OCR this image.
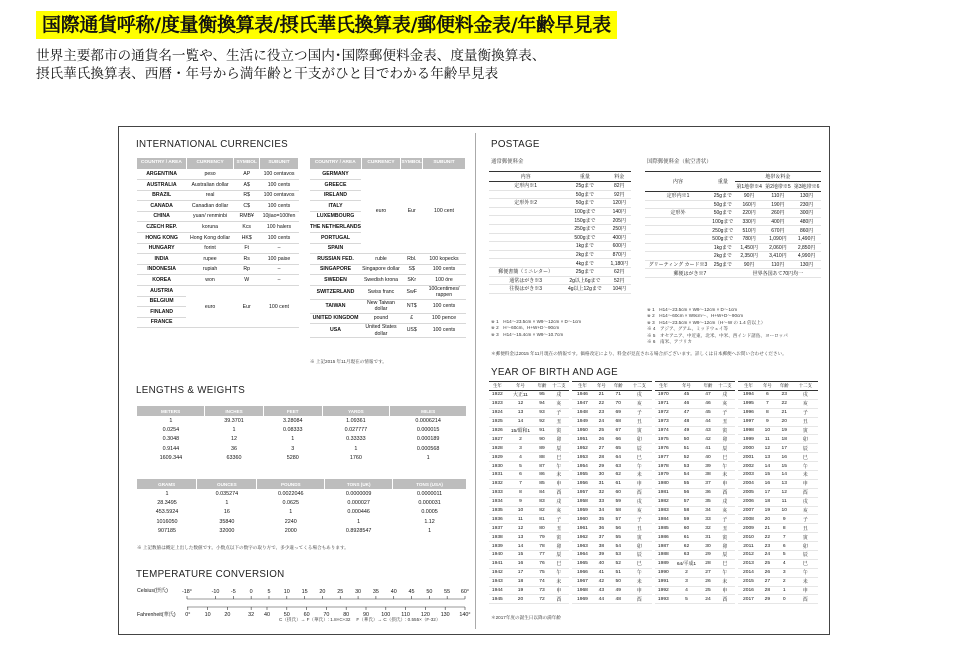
国際通貨呼称/度量衡換算表/摂氏華氏換算表/郵便料金表/年齢早見表
世界主要都市の通貨名一覧や、生活に役立つ国内･国際郵便料金表、度量衡換算表、
摂氏華氏換算表、西暦・年号から満年齢と干支がひと目でわかる年齢早見表
INTERNATIONAL CURRENCIES
COUNTRY / AREA	CURRENCY	SYMBOL	SUBUNIT
ARGENTINA	peso	AP	100 centavos
AUSTRALIA	Australian dollar	A$	100 cents
BRAZIL	real	R$	100 centavos
CANADA	Canadian dollar	C$	100 cents
CHINA	yuan/ renminbi	RMB¥	10jiao=100fen
CZECH REP.	koruna	Kcs	100 halers
HONG KONG	Hong Kong dollar	HK$	100 cents
HUNGARY	forint	Ft	–
INDIA	rupee	Rs	100 paise
INDONESIA	rupiah	Rp	–
KOREA	won	W	–
AUSTRIA	euro	Eur	100 cent
BELGIUM			
FINLAND			
FRANCE			
COUNTRY / AREA	CURRENCY	SYMBOL	SUBUNIT
GERMANY	euro	Eur	100 cent
GREECE			
IRELAND			
ITALY			
LUXEMBOURG			
THE NETHERLANDS			
PORTUGAL			
SPAIN			
RUSSIAN FED.	ruble	Rbl.	100 kopecks
SINGAPORE	Singapore dollar	S$	100 cents
SWEDEN	Swedish krona	SKr	100 öre
SWITZERLAND	Swiss franc	SwF	100centimes/ rappen
TAIWAN	New Taiwan dollar	NT$	100 cents
UNITED KINGDOM	pound	£	100 pence
USA	United States dollar	US$	100 cents
※ 上記2015 年11月現在の情報です。
LENGTHS & WEIGHTS
METERS	INCHES	FEET	YARDS	MILES
1	39.3701	3.28084	1.09361	0.0006214
0.0254	1	0.08333	0.027777	0.000015
0.3048	12	1	0.33333	0.000189
0.9144	36	3	1	0.000568
1609.344	63360	5280	1760	1
GRAMS	OUNCES	POUNDS	TONS (UK)	TONS (USA)
1	0.035274	0.0022046	0.0000009	0.0000011
28.3495	1	0.0625	0.000027	0.000031
453.5924	16	1	0.000446	0.0005
1016050	35840	2240	1	1.12
907185	32000	2000	0.8928547	1
※ 上記数値は概定上出した数値です。小数点以下の数字の取り方で、多少違ってくる場合もあります。
TEMPERATURE CONVERSION
Celsius(摂氏)
Fahrenheit(華氏)
-18°	-10 -5	0	5 10 15 20 25 30 35 40 45 50 55 60°
0°	10	20	32 40	50	60	70	80	90 100 110 120 130 140°
C（摂氏）→ F（華氏）: 1.8×C+32 　F（華氏）→ C（摂氏）: 0.555×（F-32）
POSTAGE
通常郵便料金
内容	重量	料金
定形内※1	25gまで	82円
	50gまで	92円
定形外※2	50gまで	120円
	100gまで	140円
	150gまで	205円
	250gまで	250円
	500gまで	400円
	1kgまで	600円
	2kgまで	870円
	4kgまで	1,180円
郵便書簡（ミニレター）	25gまで	62円
通常はがき※3	2g以上6gまで	52円
往復はがき※3	4g以上12gまで	104円
※ 1　H14～23.5cm × W9～12cm × D～1cm
※ 2　H～60cm、H+W+D～90cm
※ 3　H14～15.4cm × W9～10.7cm
国際郵便料金（航空書状）
内容	重量	地帯＆料金		
		第1地帯※4	第2地帯※5	第3地帯※6
定形内※1	25gまで	90円	110円	130円
	50gまで	160円	190円	230円
定形外	50gまで	220円	260円	300円
	100gまで	330円	400円	480円
	250gまで	510円	670円	860円
	500gまで	780円	1,090円	1,490円
	1kgまで	1,450円	2,060円	2,850円
	2kgまで	2,350円	3,410円	4,990円
グリーティング カード※3	25gまで	90円	110円	130円
郵便はがき※7		世界各国あて70円均一		
※ 1　H14～23.5cm × W9～12cm × D～1cm
※ 2　H14～60cm × W9cm～、H+W+D～90cm
※ 3　H14～23.5cm × W9～12cm（H～W の 1.4 倍以上）
※ 4　アジア、グアム、ミッドウェイ等
※ 5　オセアニア、中近東、北米、中米、西インド諸島、ヨーロッパ
※ 6　南米、アフリカ
＊郵便料金は2015 年11月現在の情報です。価格改定により、料金が見直される場合がございます。詳しくは日本郵便へお問い合わせください。
YEAR OF BIRTH AND AGE
生年	年号	年齢	十二支
1922	大正11	95	戌
1923	12	94	亥
1924	13	93	子
1925	14	92	丑
1926	15/昭和1	91	寅
1927	2	90	卯
1928	3	89	辰
1929	4	88	巳
1930	5	87	午
1931	6	86	未
1932	7	85	申
1933	8	84	酉
1934	9	83	戌
1935	10	82	亥
1936	11	81	子
1937	12	80	丑
1938	13	79	寅
1939	14	78	卯
1940	15	77	辰
1941	16	76	巳
1942	17	75	午
1943	18	74	未
1944	19	73	申
1945	20	72	酉
生年	年号	年齢	十二支
1946	21	71	戌
1947	22	70	亥
1948	23	69	子
1949	24	68	丑
1950	25	67	寅
1951	26	66	卯
1952	27	65	辰
1953	28	64	巳
1954	29	63	午
1955	30	62	未
1956	31	61	申
1957	32	60	酉
1958	33	59	戌
1959	34	58	亥
1960	35	57	子
1961	36	56	丑
1962	37	55	寅
1963	38	54	卯
1964	39	53	辰
1965	40	52	巳
1966	41	51	午
1967	42	50	未
1968	43	49	申
1969	44	48	酉
生年	年号	年齢	十二支
1970	45	47	戌
1971	46	46	亥
1972	47	45	子
1973	48	44	丑
1974	49	43	寅
1975	50	42	卯
1976	51	41	辰
1977	52	40	巳
1978	53	39	午
1979	54	38	未
1980	55	37	申
1981	56	36	酉
1982	57	35	戌
1983	58	34	亥
1984	59	33	子
1985	60	32	丑
1986	61	31	寅
1987	62	30	卯
1988	63	29	辰
1989	64/平成1	28	巳
1990	2	27	午
1991	3	26	未
1992	4	25	申
1993	5	24	酉
生年	年号	年齢	十二支
1994	6	23	戌
1995	7	22	亥
1996	8	21	子
1997	9	20	丑
1998	10	19	寅
1999	11	18	卯
2000	12	17	辰
2001	13	16	巳
2002	14	15	午
2003	15	14	未
2004	16	13	申
2005	17	12	酉
2006	18	11	戌
2007	19	10	亥
2008	20	9	子
2009	21	8	丑
2010	22	7	寅
2011	23	6	卯
2012	24	5	辰
2013	25	4	巳
2014	26	3	午
2015	27	2	未
2016	28	1	申
2017	29	0	酉
＊2017年度の誕生日以降の満年齢
